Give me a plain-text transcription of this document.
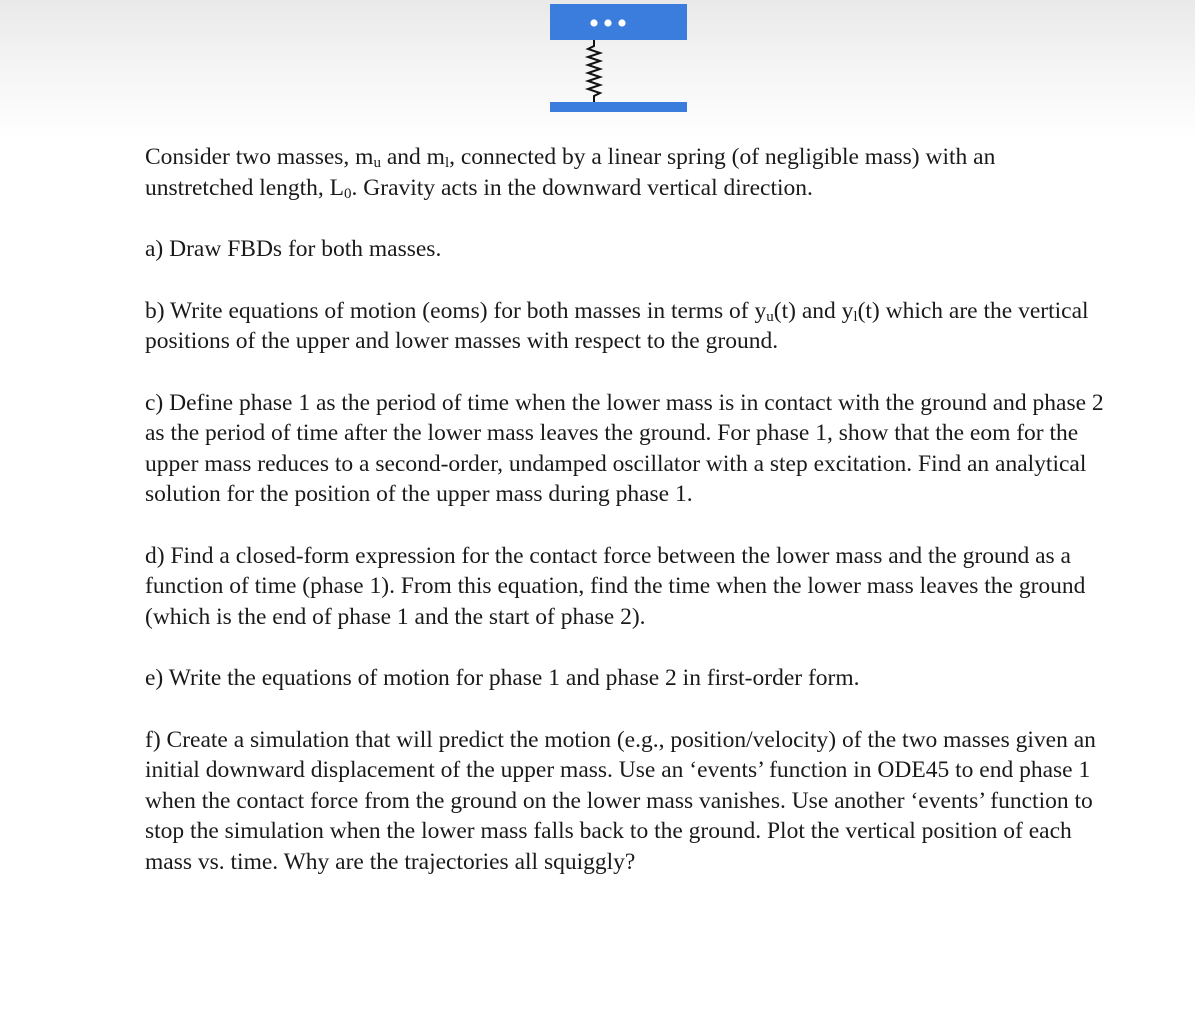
Consider two masses, $m_u$ and $m_l$, connected by a linear spring (of negligible mass) with an unstretched length, $L_0$. Gravity acts in the downward vertical direction.

a) Draw FBDs for both masses.

b) Write equations of motion (eoms) for both masses in terms of $y_u(t)$ and $y_l(t)$ which are the vertical positions of the upper and lower masses with respect to the ground.

c) Define phase 1 as the period of time when the lower mass is in contact with the ground and phase 2 as the period of time after the lower mass leaves the ground. For phase 1, show that the eom for the upper mass reduces to a second-order, undamped oscillator with a step excitation. Find an analytical solution for the position of the upper mass during phase 1.

d) Find a closed-form expression for the contact force between the lower mass and the ground as a function of time (phase 1). From this equation, find the time when the lower mass leaves the ground (which is the end of phase 1 and the start of phase 2).

e) Write the equations of motion for phase 1 and phase 2 in first-order form.

f) Create a simulation that will predict the motion (e.g., position/velocity) of the two masses given an initial downward displacement of the upper mass. Use an ‘events’ function in ODE45 to end phase 1 when the contact force from the ground on the lower mass vanishes. Use another ‘events’ function to stop the simulation when the lower mass falls back to the ground. Plot the vertical position of each mass vs. time. Why are the trajectories all squiggly?
